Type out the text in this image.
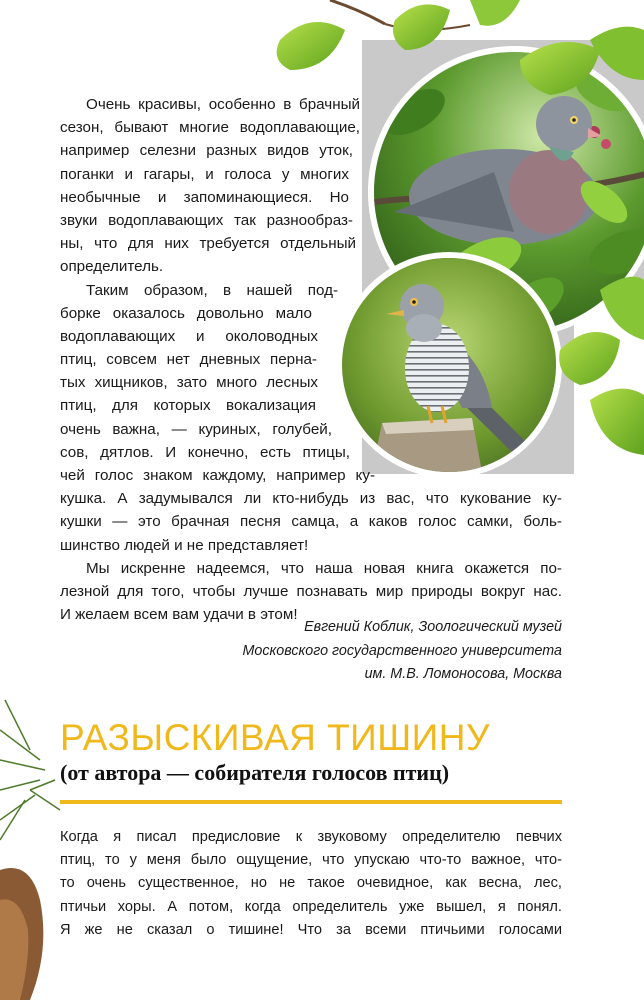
Очень красивы, особенно в брачный
сезон, бывают многие водоплавающие,
например селезни разных видов уток,
поганки и гагары, и голоса у многих
необычные и запоминающиеся. Но
звуки водоплавающих так разнообраз-
ны, что для них требуется отдельный
определитель.
Таким образом, в нашей под-
борке оказалось довольно мало
водоплавающих и околоводных
птиц, совсем нет дневных перна-
тых хищников, зато много лесных
птиц, для которых вокализация
очень важна, — куриных, голубей,
сов, дятлов. И конечно, есть птицы,
чей голос знаком каждому, например ку-
кушка. А задумывался ли кто-нибудь из вас, что кукование ку-
кушки — это брачная песня самца, а каков голос самки, боль-
шинство людей и не представляет!
Мы искренне надеемся, что наша новая книга окажется по-
лезной для того, чтобы лучше познавать мир природы вокруг нас.
И желаем всем вам удачи в этом!
Евгений Коблик, Зоологический музей
Московского государственного университета
им. М.В. Ломоносова, Москва
РАЗЫСКИВАЯ ТИШИНУ
(от автора — собирателя голосов птиц)
Когда я писал предисловие к звуковому определителю певчих
птиц, то у меня было ощущение, что упускаю что-то важное, что-
то очень существенное, но не такое очевидное, как весна, лес,
птичьи хоры. А потом, когда определитель уже вышел, я понял.
Я же не сказал о тишине! Что за всеми птичьими голосами
